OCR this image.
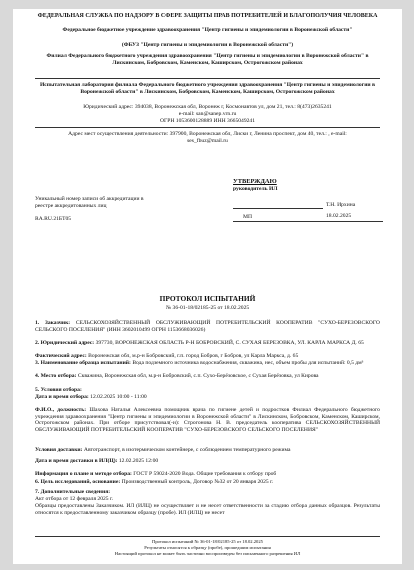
ФЕДЕРАЛЬНАЯ СЛУЖБА ПО НАДЗОРУ В СФЕРЕ ЗАЩИТЫ ПРАВ ПОТРЕБИТЕЛЕЙ И БЛАГОПОЛУЧИЯ ЧЕЛОВЕКА
Федеральное бюджетное учреждение здравоохранения "Центр гигиены и эпидемиологии в Воронежской области"
(ФБУЗ "Центр гигиены и эпидемиологии в Воронежской области")
Филиал Федерального бюджетного учреждения здравоохранения "Центр гигиены и эпидемиологии в Воронежской области" в Лискинском, Бобровском, Каменском, Каширском, Острогожском районах
Испытательная лаборатория филиала Федерального бюджетного учреждения здравоохранения "Центр гигиены и эпидемиологии в Воронежской области" в Лискинском, Бобровском, Каменском, Каширском, Острогожском районах
Юридический адрес: 394038, Воронежская обл, Воронеж г, Космонавтов ул, дом 21, тел.: 8(473)2635241
e-mail: san@sanep.vrn.ru
ОГРН 1053600128889 ИНН 3665049241
Адрес мест осуществления деятельности: 397900, Воронежская обл, Лиски г, Ленина проспект, дом 40, тел.: , e-mail:
ses_fbuz@mail.ru
Уникальный номер записи об аккредитации в реестре аккредитованных лиц
RA.RU.21БТ05
УТВЕРЖДАЮ
руководитель ИЛ
Т.Н. Ирхина
МП	18.02.2025
ПРОТОКОЛ ИСПЫТАНИЙ
№ 36-01-18/02185-25 от 18.02.2025
1. Заказчик: СЕЛЬСКОХОЗЯЙСТВЕННЫЙ ОБСЛУЖИВАЮЩИЙ ПОТРЕБИТЕЛЬСКИЙ КООПЕРАТИВ "СУХО-БЕРЕЗОВСКОГО СЕЛЬСКОГО ПОСЕЛЕНИЯ" (ИНН 3602010499 ОГРН 1153668036026)
2. Юридический адрес: 397730, ВОРОНЕЖСКАЯ ОБЛАСТЬ Р-Н БОБРОВСКИЙ, С. СУХАЯ БЕРЕЗОВКА, УЛ. КАРЛА МАРКСА Д. 65
Фактический адрес: Воронежская обл, м.р-н Бобровский, г.п. город Бобров, г Бобров, ул Карла Маркса, д. 65
3. Наименование образца испытаний: Вода подземного источника водоснабжения, скважина, нес, объем пробы для испытаний: 0,5 дм³
4. Место отбора: Скважина, Воронежская обл, м.р-н Бобровский, с.п. Сухо-Берёзовское, с Сухая Берёзовка, ул Кирова
5. Условия отбора:
Дата и время отбора: 12.02.2025 10:00 - 11:00
Ф.И.О., должность: Шахова Наталья Алексеевна помощник врача по гигиене детей и подростков Филиал Федерального бюджетного учреждения здравоохранения "Центр гигиены и эпидемиологии в Воронежской области" в Лискинском, Бобровском, Каменском, Каширском, Острогожском районах. При отборе присутствовал(-и): Строгонова Н. В. председатель кооператива СЕЛЬСКОХОЗЯЙСТВЕННЫЙ ОБСЛУЖИВАЮЩИЙ ПОТРЕБИТЕЛЬСКИЙ КООПЕРАТИВ "СУХО-БЕРЕЗОВСКОГО СЕЛЬСКОГО ПОСЕЛЕНИЯ"
Условия доставки: Автотранспорт, в изотермическом контейнере, с соблюдением температурного режима
Дата и время доставки в ИЛ(Ц): 12.02.2025 12:00
Информация о плане и методе отбора: ГОСТ Р 59024-2020 Вода. Общие требования к отбору проб
6. Цель исследований, основание: Производственный контроль, Договор №32 от 20 января 2025 г.
7. Дополнительные сведения:
Акт отбора от 12 февраля 2025 г.
Образцы предоставлены Заказчиком. ИЛ (ИЛЦ) не осуществляет и не несет ответственности за стадию отбора данных образцов. Результаты относятся к предоставленному заказчиком образцу (пробе). ИЛ (ИЛЦ) не несет
Протокол испытаний № 36-01-18/02185-25 от 18.02.2025
Результаты относятся к образцу (пробе), прошедшим испытания
Настоящий протокол не может быть частично воспроизведен без письменного разрешения ИЛ
